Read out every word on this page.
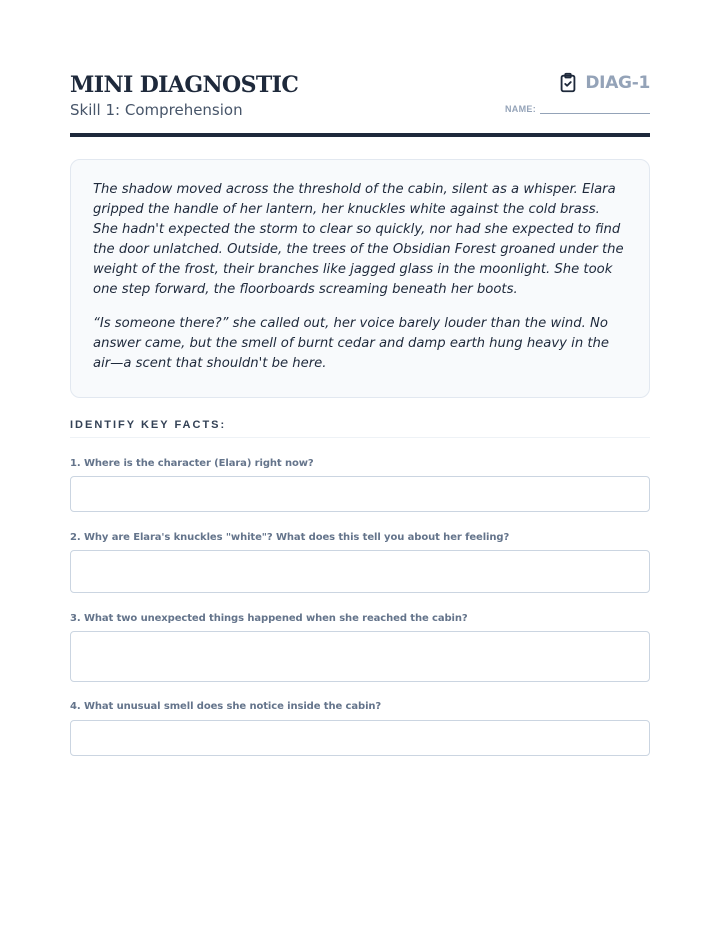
MINI DIAGNOSTIC
Skill 1: Comprehension
DIAG-1
NAME:

The shadow moved across the threshold of the cabin, silent as a whisper. Elara gripped the handle of her lantern, her knuckles white against the cold brass. She hadn't expected the storm to clear so quickly, nor had she expected to find the door unlatched. Outside, the trees of the Obsidian Forest groaned under the weight of the frost, their branches like jagged glass in the moonlight. She took one step forward, the floorboards screaming beneath her boots.

“Is someone there?” she called out, her voice barely louder than the wind. No answer came, but the smell of burnt cedar and damp earth hung heavy in the air—a scent that shouldn't be here.

IDENTIFY KEY FACTS:
1. Where is the character (Elara) right now?
2. Why are Elara's knuckles "white"? What does this tell you about her feeling?
3. What two unexpected things happened when she reached the cabin?
4. What unusual smell does she notice inside the cabin?
